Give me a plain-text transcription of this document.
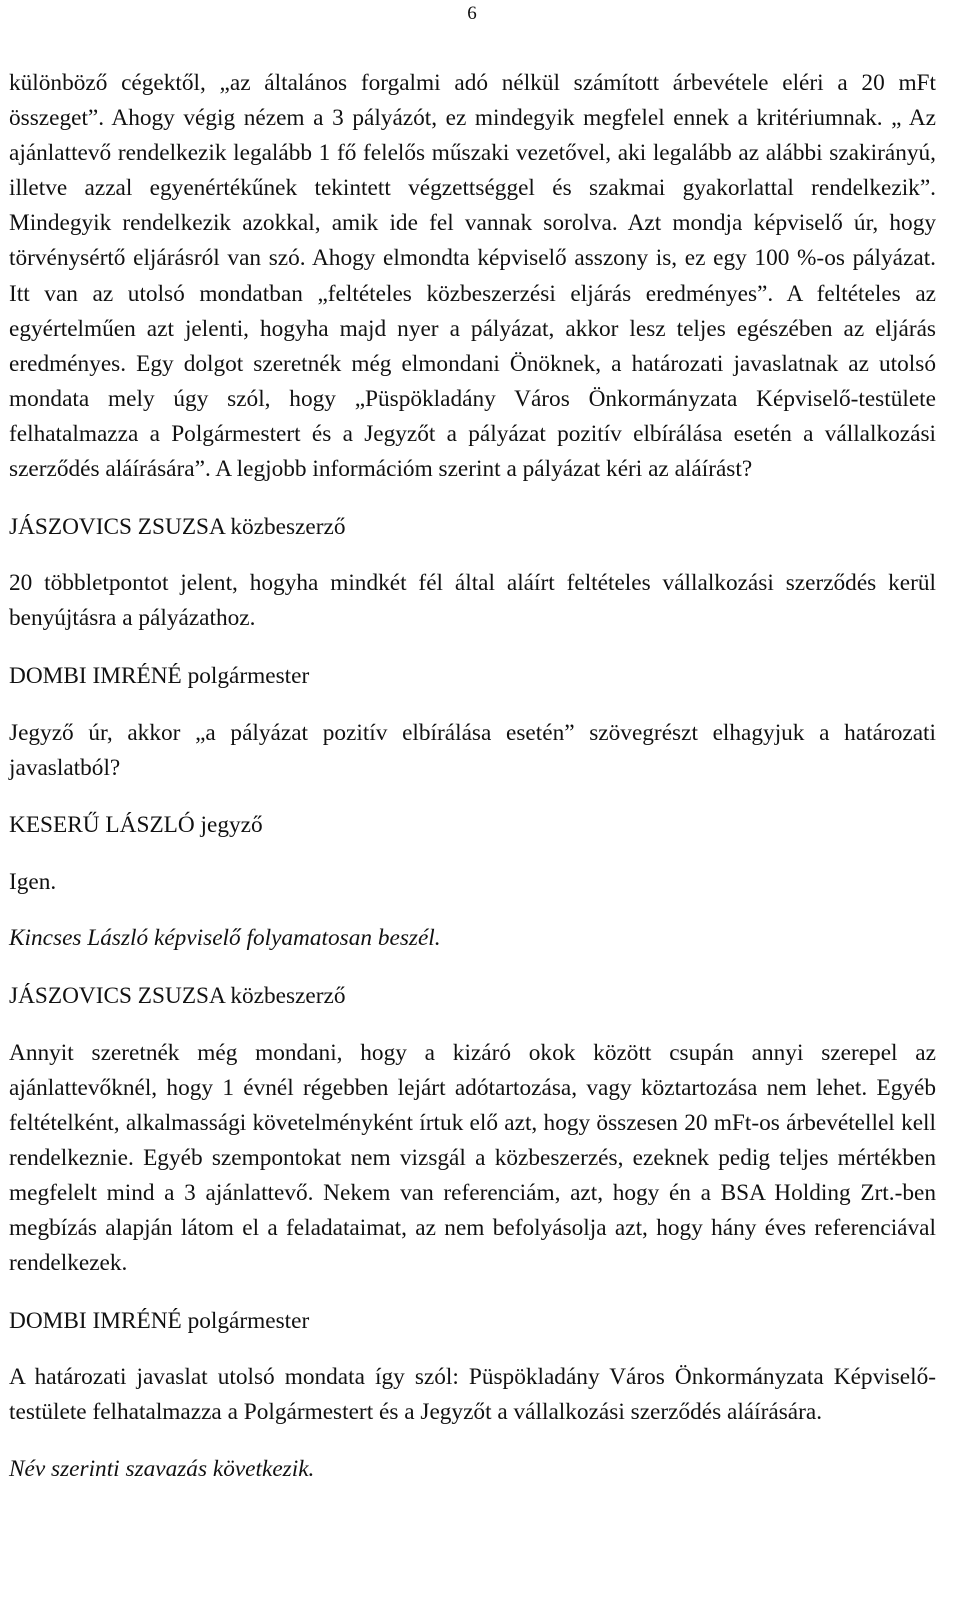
6

különböző cégektől, „az általános forgalmi adó nélkül számított árbevétele eléri a 20 mFt összeget”. Ahogy végig nézem a 3 pályázót, ez mindegyik megfelel ennek a kritériumnak. „ Az ajánlattevő rendelkezik legalább 1 fő felelős műszaki vezetővel, aki legalább az alábbi szakirányú, illetve azzal egyenértékűnek tekintett végzettséggel és szakmai gyakorlattal rendelkezik”. Mindegyik rendelkezik azokkal, amik ide fel vannak sorolva. Azt mondja képviselő úr, hogy törvénysértő eljárásról van szó. Ahogy elmondta képviselő asszony is, ez egy 100 %-os pályázat. Itt van az utolsó mondatban „feltételes közbeszerzési eljárás eredményes”. A feltételes az egyértelműen azt jelenti, hogyha majd nyer a pályázat, akkor lesz teljes egészében az eljárás eredményes. Egy dolgot szeretnék még elmondani Önöknek, a határozati javaslatnak az utolsó mondata mely úgy szól, hogy „Püspökladány Város Önkormányzata Képviselő-testülete felhatalmazza a Polgármestert és a Jegyzőt a pályázat pozitív elbírálása esetén a vállalkozási szerződés aláírására”. A legjobb információm szerint a pályázat kéri az aláírást?

JÁSZOVICS ZSUZSA közbeszerző

20 többletpontot jelent, hogyha mindkét fél által aláírt feltételes vállalkozási szerződés kerül benyújtásra a pályázathoz.

DOMBI IMRÉNÉ polgármester

Jegyző úr, akkor „a pályázat pozitív elbírálása esetén” szövegrészt elhagyjuk a határozati javaslatból?

KESERŰ LÁSZLÓ jegyző

Igen.

Kincses László képviselő folyamatosan beszél.

JÁSZOVICS ZSUZSA közbeszerző

Annyit szeretnék még mondani, hogy a kizáró okok között csupán annyi szerepel az ajánlattevőknél, hogy 1 évnél régebben lejárt adótartozása, vagy köztartozása nem lehet. Egyéb feltételként, alkalmassági követelményként írtuk elő azt, hogy összesen 20 mFt-os árbevétellel kell rendelkeznie. Egyéb szempontokat nem vizsgál a közbeszerzés, ezeknek pedig teljes mértékben megfelelt mind a 3 ajánlattevő. Nekem van referenciám, azt, hogy én a BSA Holding Zrt.-ben megbízás alapján látom el a feladataimat, az nem befolyásolja azt, hogy hány éves referenciával rendelkezek.

DOMBI IMRÉNÉ polgármester

A határozati javaslat utolsó mondata így szól: Püspökladány Város Önkormányzata Képviselő-testülete felhatalmazza a Polgármestert és a Jegyzőt a vállalkozási szerződés aláírására.

Név szerinti szavazás következik.
